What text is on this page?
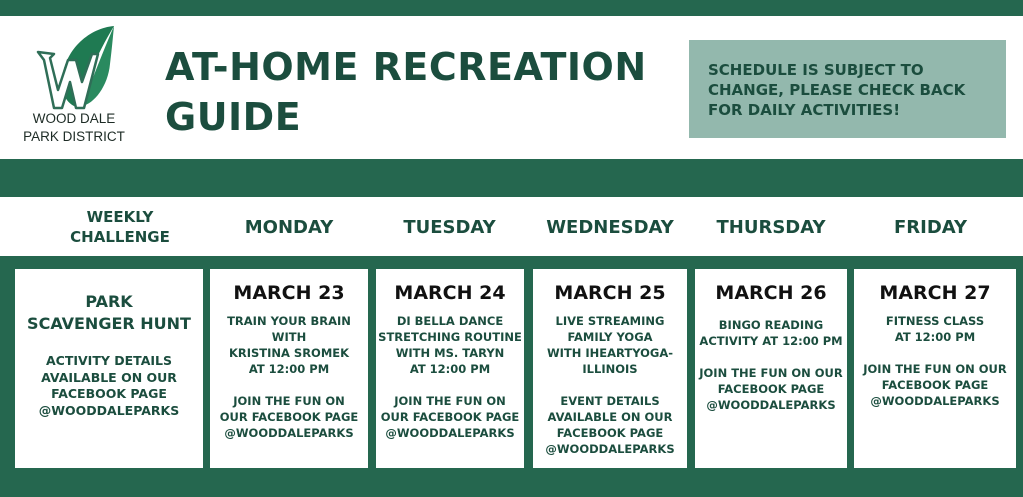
WOOD DALE
PARK DISTRICT
AT-HOME RECREATION
GUIDE
SCHEDULE IS SUBJECT TO
CHANGE, PLEASE CHECK BACK
FOR DAILY ACTIVITIES!
WEEKLY
CHALLENGE	MONDAY	TUESDAY	WEDNESDAY	THURSDAY	FRIDAY
PARK
SCAVENGER HUNT
ACTIVITY DETAILS
AVAILABLE ON OUR
FACEBOOK PAGE
@WOODDALEPARKS
MARCH 23
TRAIN YOUR BRAIN
WITH
KRISTINA SROMEK
AT 12:00 PM
JOIN THE FUN ON
OUR FACEBOOK PAGE
@WOODDALEPARKS
MARCH 24
DI BELLA DANCE
STRETCHING ROUTINE
WITH MS. TARYN
AT 12:00 PM
JOIN THE FUN ON
OUR FACEBOOK PAGE
@WOODDALEPARKS
MARCH 25
LIVE STREAMING
FAMILY YOGA
WITH IHEARTYOGA-
ILLINOIS
EVENT DETAILS
AVAILABLE ON OUR
FACEBOOK PAGE
@WOODDALEPARKS
MARCH 26
BINGO READING
ACTIVITY AT 12:00 PM
JOIN THE FUN ON OUR
FACEBOOK PAGE
@WOODDALEPARKS
MARCH 27
FITNESS CLASS
AT 12:00 PM
JOIN THE FUN ON OUR
FACEBOOK PAGE
@WOODDALEPARKS
